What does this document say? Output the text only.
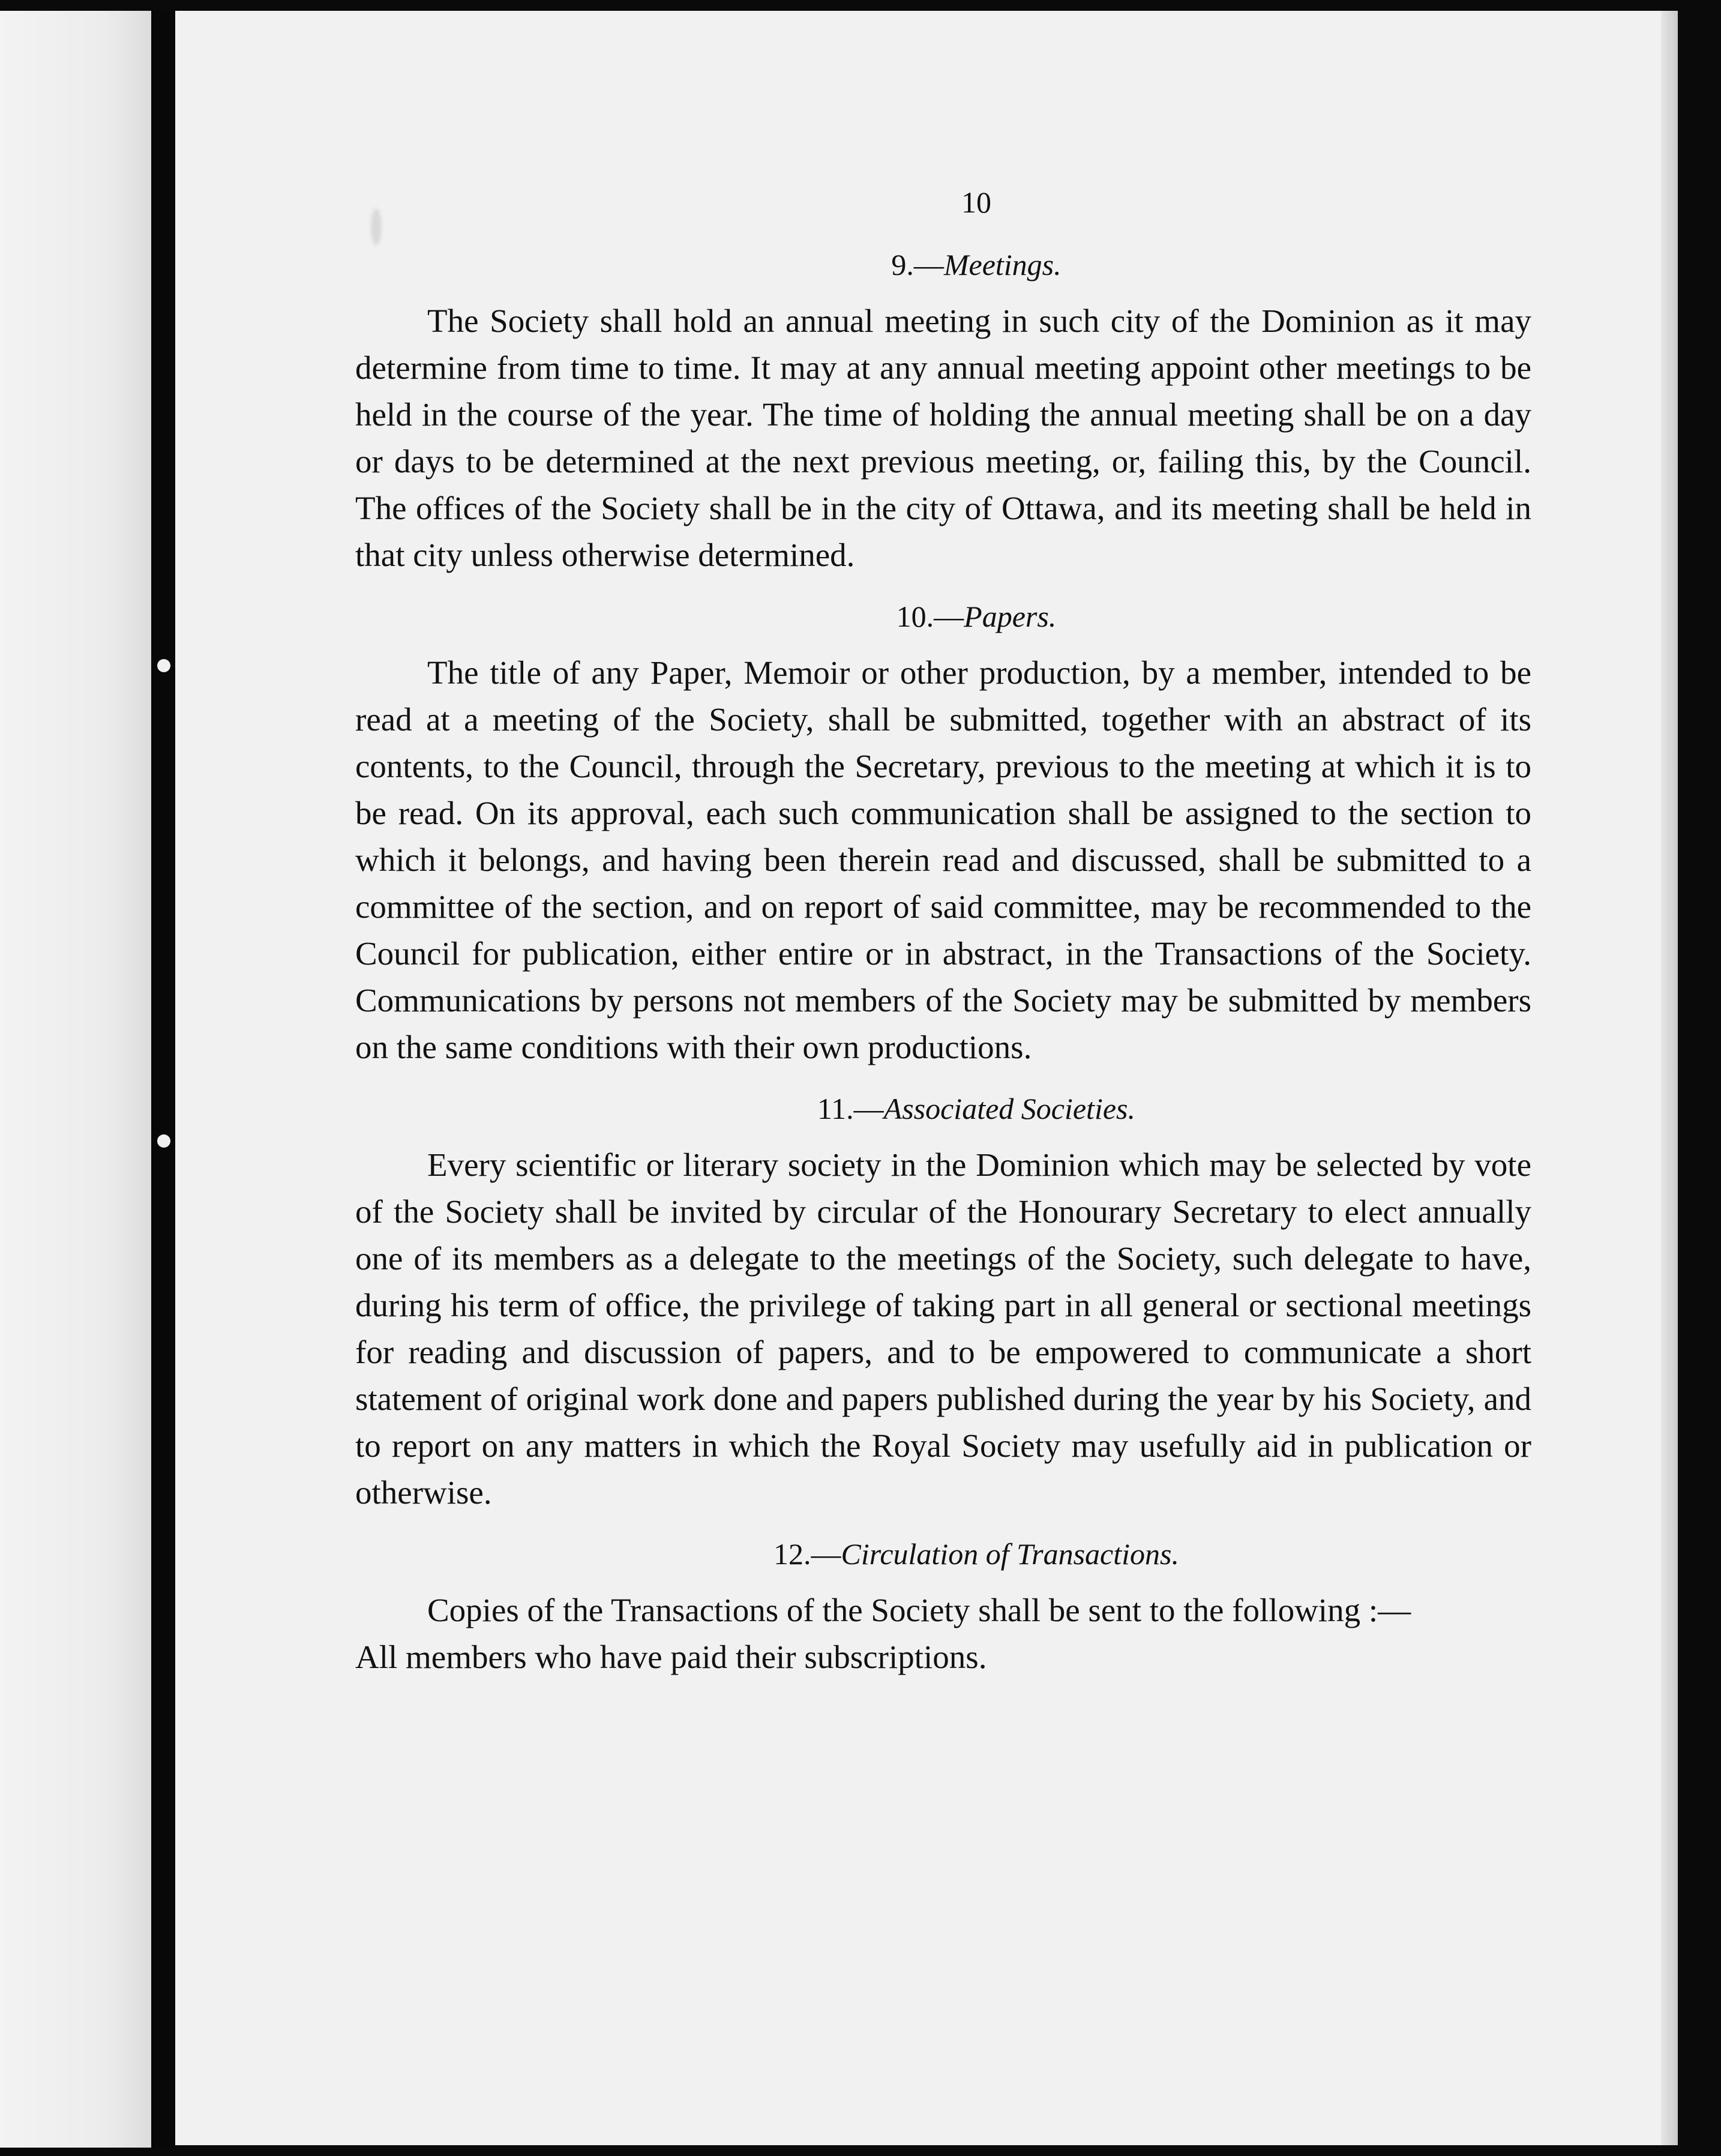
10
9.—Meetings.

The Society shall hold an annual meeting in such city of the Dominion as it may determine from time to time. It may at any annual meeting appoint other meetings to be held in the course of the year. The time of holding the annual meeting shall be on a day or days to be determined at the next previous meeting, or, failing this, by the Council. The offices of the Society shall be in the city of Ottawa, and its meeting shall be held in that city unless otherwise determined.

10.—Papers.

The title of any Paper, Memoir or other production, by a member, intended to be read at a meeting of the Society, shall be submitted, together with an abstract of its contents, to the Council, through the Secretary, previous to the meeting at which it is to be read. On its approval, each such communication shall be assigned to the section to which it belongs, and having been therein read and discussed, shall be submitted to a committee of the section, and on report of said committee, may be recommended to the Council for publication, either entire or in abstract, in the Transactions of the Society. Communications by persons not members of the Society may be submitted by members on the same conditions with their own productions.

11.—Associated Societies.

Every scientific or literary society in the Dominion which may be selected by vote of the Society shall be invited by circular of the Honourary Secretary to elect annually one of its members as a delegate to the meetings of the Society, such delegate to have, during his term of office, the privilege of taking part in all general or sectional meetings for reading and discussion of papers, and to be empowered to communicate a short statement of original work done and papers published during the year by his Society, and to report on any matters in which the Royal Society may usefully aid in publication or otherwise.

12.—Circulation of Transactions.

Copies of the Transactions of the Society shall be sent to the following :—

All members who have paid their subscriptions.
